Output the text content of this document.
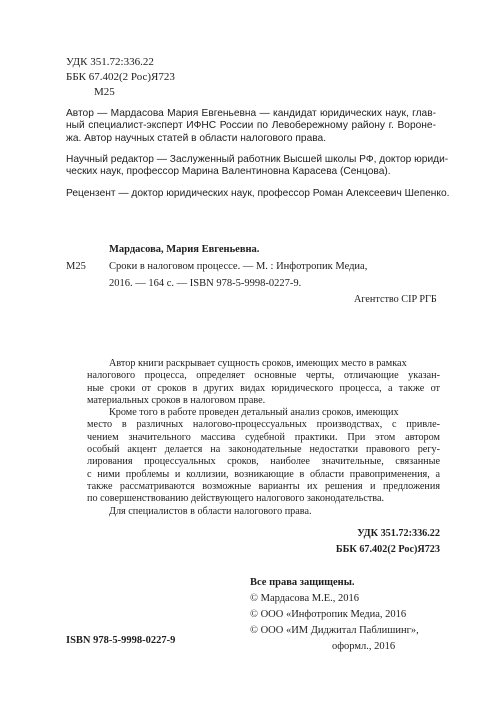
УДК 351.72:336.22
ББК 67.402(2 Рос)Я723
М25
Автор — Мардасова Мария Евгеньевна — кандидат юридических наук, глав-
ный специалист-эксперт ИФНС России по Левобережному району г. Вороне-
жа. Автор научных статей в области налогового права.
Научный редактор — Заслуженный работник Высшей школы РФ, доктор юриди-
ческих наук, профессор Марина Валентиновна Карасева (Сенцова).
Рецензент — доктор юридических наук, профессор Роман Алексеевич Шепенко.
Мардасова, Мария Евгеньевна.
М25 Сроки в налоговом процессе. — М. : Инфотропик Медиа,
2016. — 164 с. — ISBN 978-5-9998-0227-9.
Агентство CIP РГБ
Автор книги раскрывает сущность сроков, имеющих место в рамках
налогового процесса, определяет основные черты, отличающие указан-
ные сроки от сроков в других видах юридического процесса, а также от
материальных сроков в налоговом праве.
Кроме того в работе проведен детальный анализ сроков, имеющих
место в различных налогово-процессуальных производствах, с привле-
чением значительного массива судебной практики. При этом автором
особый акцент делается на законодательные недостатки правового регу-
лирования процессуальных сроков, наиболее значительные, связанные
с ними проблемы и коллизии, возникающие в области правоприменения, а
также рассматриваются возможные варианты их решения и предложения
по совершенствованию действующего налогового законодательства.
Для специалистов в области налогового права.
УДК 351.72:336.22
ББК 67.402(2 Рос)Я723
Все права защищены.
© Мардасова М.Е., 2016
© ООО «Инфотропик Медиа, 2016
© ООО «ИМ Диджитал Паблишинг»,
оформл., 2016
ISBN 978-5-9998-0227-9
